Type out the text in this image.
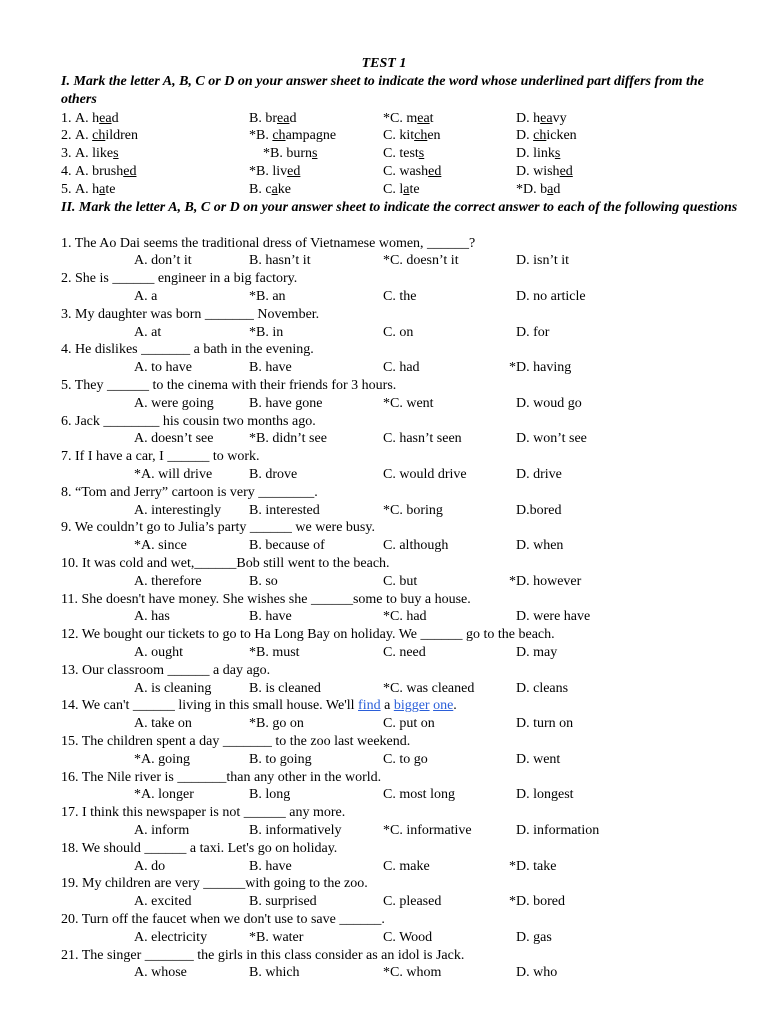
TEST 1
I. Mark the letter A, B, C or D on your answer sheet to indicate the word whose underlined part differs from the others
1. A. head	B. bread	*C. meat	D. heavy
2. A. children	*B. champagne	C. kitchen	D. chicken
3. A. likes	*B. burns	C. tests	D. links
4. A. brushed	*B. lived	C. washed	D. wished
5. A. hate	B. cake	C. late	*D. bad
II. Mark the letter A, B, C or D on your answer sheet to indicate the correct answer to each of the following questions
1. The Ao Dai seems the traditional dress of Vietnamese women, ______?
A. don’t it	B. hasn’t it	*C. doesn’t it	D. isn’t it
2. She is ______ engineer in a big factory.
A. a	*B. an	C. the	D. no article
3. My daughter was born _______ November.
A. at	*B. in	C. on	D. for
4. He dislikes _______ a bath in the evening.
A. to have	B. have	C. had	*D. having
5. They ______ to the cinema with their friends for 3 hours.
A. were going	B. have gone	*C. went	D. woud go
6. Jack ________ his cousin two months ago.
A. doesn’t see	*B. didn’t see	C. hasn’t seen	D. won’t see
7. If I have a car, I ______ to work.
*A. will drive	B. drove	C. would drive	D. drive
8. “Tom and Jerry” cartoon is very ________.
A. interestingly B. interested	*C. boring	D.bored
9. We couldn’t go to Julia’s party ______ we were busy.
*A. since	B. because of	C. although	D. when
10. It was cold and wet,______Bob still went to the beach.
A. therefore	B. so	C. but	*D. however
11. She doesn't have money. She wishes she ______some to buy a house.
A. has	B. have	*C. had	D. were have
12. We bought our tickets to go to Ha Long Bay on holiday. We ______ go to the beach.
A. ought	*B. must	C. need	D. may
13. Our classroom ______ a day ago.
A. is cleaning	B. is cleaned	*C. was cleaned	D. cleans
14. We can't ______ living in this small house. We'll find a bigger one.
A. take on	*B. go on	C. put on	D. turn on
15. The children spent a day _______ to the zoo last weekend.
*A. going	B. to going	C. to go	D. went
16. The Nile river is _______than any other in the world.
*A. longer	B. long	C. most long	D. longest
17. I think this newspaper is not ______ any more.
A. inform	B. informatively	*C. informative	D. information
18. We should ______ a taxi. Let's go on holiday.
A. do	B. have	C. make	*D. take
19. My children are very ______with going to the zoo.
A. excited	B. surprised	C. pleased	*D. bored
20. Turn off the faucet when we don't use to save ______.
A. electricity	*B. water	C. Wood	D. gas
21. The singer _______ the girls in this class consider as an idol is Jack.
A. whose	B. which	*C. whom	D. who
